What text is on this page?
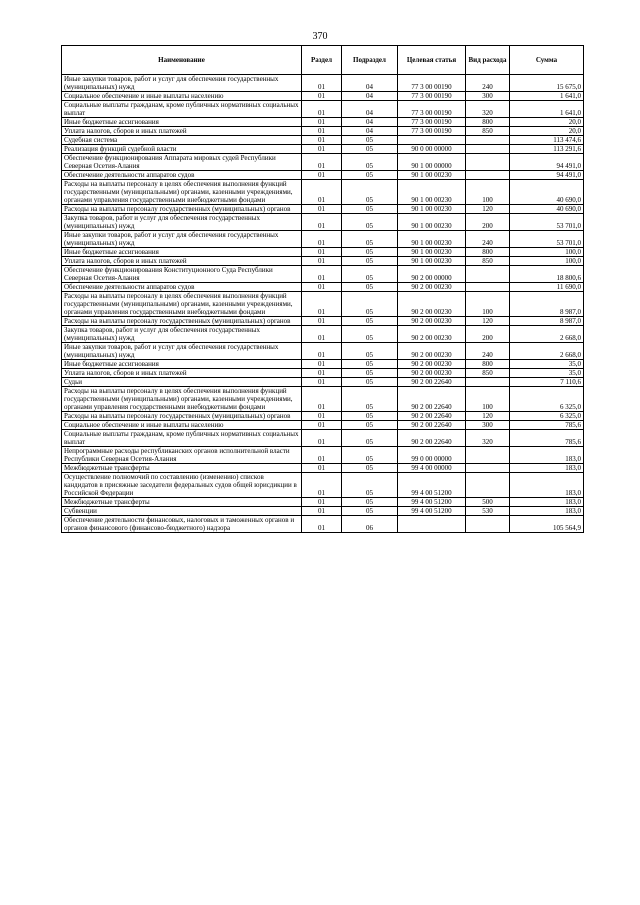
370
Наименование	Раздел	Подраздел	Целевая статья	Вид расхода	Сумма
Иные закупки товаров, работ и услуг для обеспечения государственных (муниципальных) нужд	01	04	77 3 00 00190	240	15 675,0
Социальное обеспечение и иные выплаты населению	01	04	77 3 00 00190	300	1 641,0
Социальные выплаты гражданам, кроме публичных нормативных социальных выплат	01	04	77 3 00 00190	320	1 641,0
Иные бюджетные ассигнования	01	04	77 3 00 00190	800	20,0
Уплата налогов, сборов и иных платежей	01	04	77 3 00 00190	850	20,0
Судебная система	01	05			113 474,6
Реализация функций судебной власти	01	05	90 0 00 00000		113 291,6
Обеспечение функционирования Аппарата мировых судей Республики Северная Осетия-Алания	01	05	90 1 00 00000		94 491,0
Обеспечение деятельности аппаратов судов	01	05	90 1 00 00230		94 491,0
Расходы на выплаты персоналу в целях обеспечения выполнения функций государственными (муниципальными) органами, казенными учреждениями, органами управления государственными внебюджетными фондами	01	05	90 1 00 00230	100	40 690,0
Расходы на выплаты персоналу государственных (муниципальных) органов	01	05	90 1 00 00230	120	40 690,0
Закупка товаров, работ и услуг для обеспечения государственных (муниципальных) нужд	01	05	90 1 00 00230	200	53 701,0
Иные закупки товаров, работ и услуг для обеспечения государственных (муниципальных) нужд	01	05	90 1 00 00230	240	53 701,0
Иные бюджетные ассигнования	01	05	90 1 00 00230	800	100,0
Уплата налогов, сборов и иных платежей	01	05	90 1 00 00230	850	100,0
Обеспечение функционирования Конституционного Суда Республики Северная Осетия-Алания	01	05	90 2 00 00000		18 800,6
Обеспечение деятельности аппаратов судов	01	05	90 2 00 00230		11 690,0
Расходы на выплаты персоналу в целях обеспечения выполнения функций государственными (муниципальными) органами, казенными учреждениями, органами управления государственными внебюджетными фондами	01	05	90 2 00 00230	100	8 987,0
Расходы на выплаты персоналу государственных (муниципальных) органов	01	05	90 2 00 00230	120	8 987,0
Закупка товаров, работ и услуг для обеспечения государственных (муниципальных) нужд	01	05	90 2 00 00230	200	2 668,0
Иные закупки товаров, работ и услуг для обеспечения государственных (муниципальных) нужд	01	05	90 2 00 00230	240	2 668,0
Иные бюджетные ассигнования	01	05	90 2 00 00230	800	35,0
Уплата налогов, сборов и иных платежей	01	05	90 2 00 00230	850	35,0
Судьи	01	05	90 2 00 22640		7 110,6
Расходы на выплаты персоналу в целях обеспечения выполнения функций государственными (муниципальными) органами, казенными учреждениями, органами управления государственными внебюджетными фондами	01	05	90 2 00 22640	100	6 325,0
Расходы на выплаты персоналу государственных (муниципальных) органов	01	05	90 2 00 22640	120	6 325,0
Социальное обеспечение и иные выплаты населению	01	05	90 2 00 22640	300	785,6
Социальные выплаты гражданам, кроме публичных нормативных социальных выплат	01	05	90 2 00 22640	320	785,6
Непрограммные расходы республиканских органов исполнительной власти Республики Северная Осетия-Алания	01	05	99 0 00 00000		183,0
Межбюджетные трансферты	01	05	99 4 00 00000		183,0
Осуществление полномочий по составлению (изменению) списков кандидатов в присяжные заседатели федеральных судов общей юрисдикции в Российской Федерации	01	05	99 4 00 51200		183,0
Межбюджетные трансферты	01	05	99 4 00 51200	500	183,0
Субвенции	01	05	99 4 00 51200	530	183,0
Обеспечение деятельности финансовых, налоговых и таможенных органов и органов финансового (финансово-бюджетного) надзора	01	06			105 564,9
